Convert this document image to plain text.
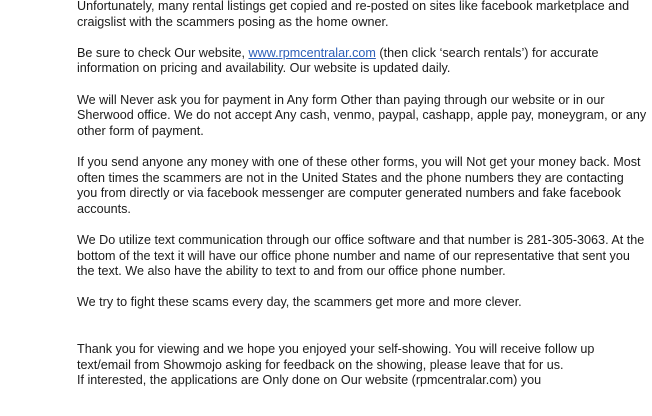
Unfortunately, many rental listings get copied and re-posted on sites like facebook marketplace and craigslist with the scammers posing as the home owner.

Be sure to check Our website, www.rpmcentralar.com (then click ‘search rentals’) for accurate information on pricing and availability. Our website is updated daily.

We will Never ask you for payment in Any form Other than paying through our website or in our Sherwood office. We do not accept Any cash, venmo, paypal, cashapp, apple pay, moneygram, or any other form of payment.

If you send anyone any money with one of these other forms, you will Not get your money back. Most often times the scammers are not in the United States and the phone numbers they are contacting you from directly or via facebook messenger are computer generated numbers and fake facebook accounts.

We Do utilize text communication through our office software and that number is 281-305-3063. At the bottom of the text it will have our office phone number and name of our representative that sent you the text. We also have the ability to text to and from our office phone number.

We try to fight these scams every day, the scammers get more and more clever.

Thank you for viewing and we hope you enjoyed your self-showing. You will receive follow up text/email from Showmojo asking for feedback on the showing, please leave that for us.

If interested, the applications are Only done on Our website (rpmcentralar.com) you
